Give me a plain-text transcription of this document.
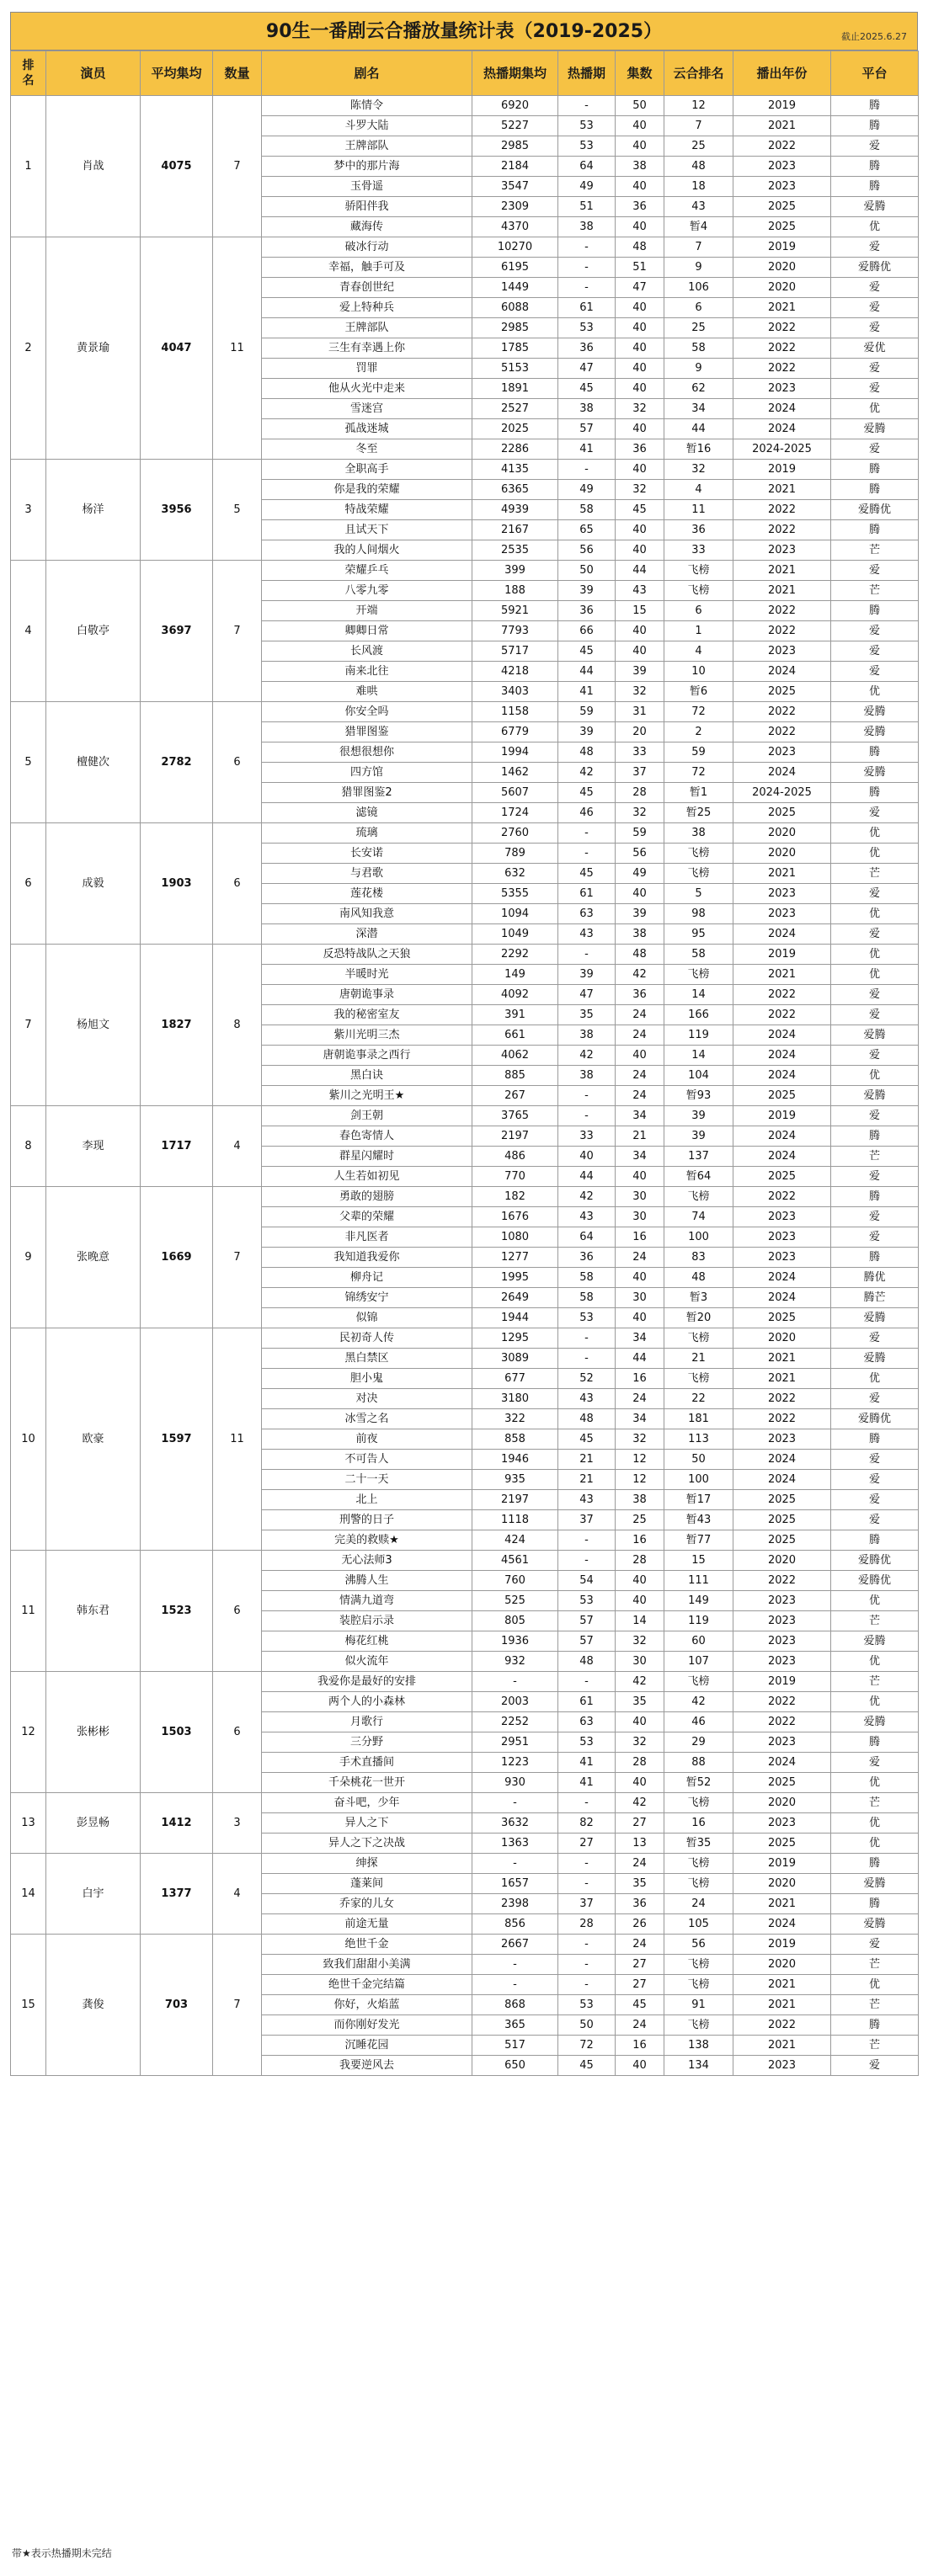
90生一番剧云合播放量统计表（2019-2025）	截止2025.6.27
排名	演员	平均集均	数量	剧名	热播期集均	热播期	集数	云合排名	播出年份	平台
1	肖战	4075	7	陈情令	6920	-	50	12	2019	腾
				斗罗大陆	5227	53	40	7	2021	腾
				王牌部队	2985	53	40	25	2022	爱
				梦中的那片海	2184	64	38	48	2023	腾
				玉骨遥	3547	49	40	18	2023	腾
				骄阳伴我	2309	51	36	43	2025	爱腾
				藏海传	4370	38	40	暂4	2025	优
2	黄景瑜	4047	11	破冰行动	10270	-	48	7	2019	爱
				幸福，触手可及	6195	-	51	9	2020	爱腾优
				青春创世纪	1449	-	47	106	2020	爱
				爱上特种兵	6088	61	40	6	2021	爱
				王牌部队	2985	53	40	25	2022	爱
				三生有幸遇上你	1785	36	40	58	2022	爱优
				罚罪	5153	47	40	9	2022	爱
				他从火光中走来	1891	45	40	62	2023	爱
				雪迷宫	2527	38	32	34	2024	优
				孤战迷城	2025	57	40	44	2024	爱腾
				冬至	2286	41	36	暂16	2024-2025	爱
3	杨洋	3956	5	全职高手	4135	-	40	32	2019	腾
				你是我的荣耀	6365	49	32	4	2021	腾
				特战荣耀	4939	58	45	11	2022	爱腾优
				且试天下	2167	65	40	36	2022	腾
				我的人间烟火	2535	56	40	33	2023	芒
4	白敬亭	3697	7	荣耀乒乓	399	50	44	飞榜	2021	爱
				八零九零	188	39	43	飞榜	2021	芒
				开端	5921	36	15	6	2022	腾
				卿卿日常	7793	66	40	1	2022	爱
				长风渡	5717	45	40	4	2023	爱
				南来北往	4218	44	39	10	2024	爱
				难哄	3403	41	32	暂6	2025	优
5	檀健次	2782	6	你安全吗	1158	59	31	72	2022	爱腾
				猎罪图鉴	6779	39	20	2	2022	爱腾
				很想很想你	1994	48	33	59	2023	腾
				四方馆	1462	42	37	72	2024	爱腾
				猎罪图鉴2	5607	45	28	暂1	2024-2025	腾
				滤镜	1724	46	32	暂25	2025	爱
6	成毅	1903	6	琉璃	2760	-	59	38	2020	优
				长安诺	789	-	56	飞榜	2020	优
				与君歌	632	45	49	飞榜	2021	芒
				莲花楼	5355	61	40	5	2023	爱
				南风知我意	1094	63	39	98	2023	优
				深潜	1049	43	38	95	2024	爱
7	杨旭文	1827	8	反恐特战队之天狼	2292	-	48	58	2019	优
				半暖时光	149	39	42	飞榜	2021	优
				唐朝诡事录	4092	47	36	14	2022	爱
				我的秘密室友	391	35	24	166	2022	爱
				紫川光明三杰	661	38	24	119	2024	爱腾
				唐朝诡事录之西行	4062	42	40	14	2024	爱
				黑白诀	885	38	24	104	2024	优
				紫川之光明王★	267	-	24	暂93	2025	爱腾
8	李现	1717	4	剑王朝	3765	-	34	39	2019	爱
				春色寄情人	2197	33	21	39	2024	腾
				群星闪耀时	486	40	34	137	2024	芒
				人生若如初见	770	44	40	暂64	2025	爱
9	张晚意	1669	7	勇敢的翅膀	182	42	30	飞榜	2022	腾
				父辈的荣耀	1676	43	30	74	2023	爱
				非凡医者	1080	64	16	100	2023	爱
				我知道我爱你	1277	36	24	83	2023	腾
				柳舟记	1995	58	40	48	2024	腾优
				锦绣安宁	2649	58	30	暂3	2024	腾芒
				似锦	1944	53	40	暂20	2025	爱腾
10	欧豪	1597	11	民初奇人传	1295	-	34	飞榜	2020	爱
				黑白禁区	3089	-	44	21	2021	爱腾
				胆小鬼	677	52	16	飞榜	2021	优
				对决	3180	43	24	22	2022	爱
				冰雪之名	322	48	34	181	2022	爱腾优
				前夜	858	45	32	113	2023	腾
				不可告人	1946	21	12	50	2024	爱
				二十一天	935	21	12	100	2024	爱
				北上	2197	43	38	暂17	2025	爱
				刑警的日子	1118	37	25	暂43	2025	爱
				完美的救赎★	424	-	16	暂77	2025	腾
11	韩东君	1523	6	无心法师3	4561	-	28	15	2020	爱腾优
				沸腾人生	760	54	40	111	2022	爱腾优
				情满九道弯	525	53	40	149	2023	优
				装腔启示录	805	57	14	119	2023	芒
				梅花红桃	1936	57	32	60	2023	爱腾
				似火流年	932	48	30	107	2023	优
12	张彬彬	1503	6	我爱你是最好的安排	-	-	42	飞榜	2019	芒
				两个人的小森林	2003	61	35	42	2022	优
				月歌行	2252	63	40	46	2022	爱腾
				三分野	2951	53	32	29	2023	腾
				手术直播间	1223	41	28	88	2024	爱
				千朵桃花一世开	930	41	40	暂52	2025	优
13	彭昱畅	1412	3	奋斗吧，少年	-	-	42	飞榜	2020	芒
				异人之下	3632	82	27	16	2023	优
				异人之下之决战	1363	27	13	暂35	2025	优
14	白宇	1377	4	绅探	-	-	24	飞榜	2019	腾
				蓬莱间	1657	-	35	飞榜	2020	爱腾
				乔家的儿女	2398	37	36	24	2021	腾
				前途无量	856	28	26	105	2024	爱腾
15	龚俊	703	7	绝世千金	2667	-	24	56	2019	爱
				致我们甜甜小美满	-	-	27	飞榜	2020	芒
				绝世千金完结篇	-	-	27	飞榜	2021	优
				你好，火焰蓝	868	53	45	91	2021	芒
				而你刚好发光	365	50	24	飞榜	2022	腾
				沉睡花园	517	72	16	138	2021	芒
				我要逆风去	650	45	40	134	2023	爱
带★表示热播期未完结
